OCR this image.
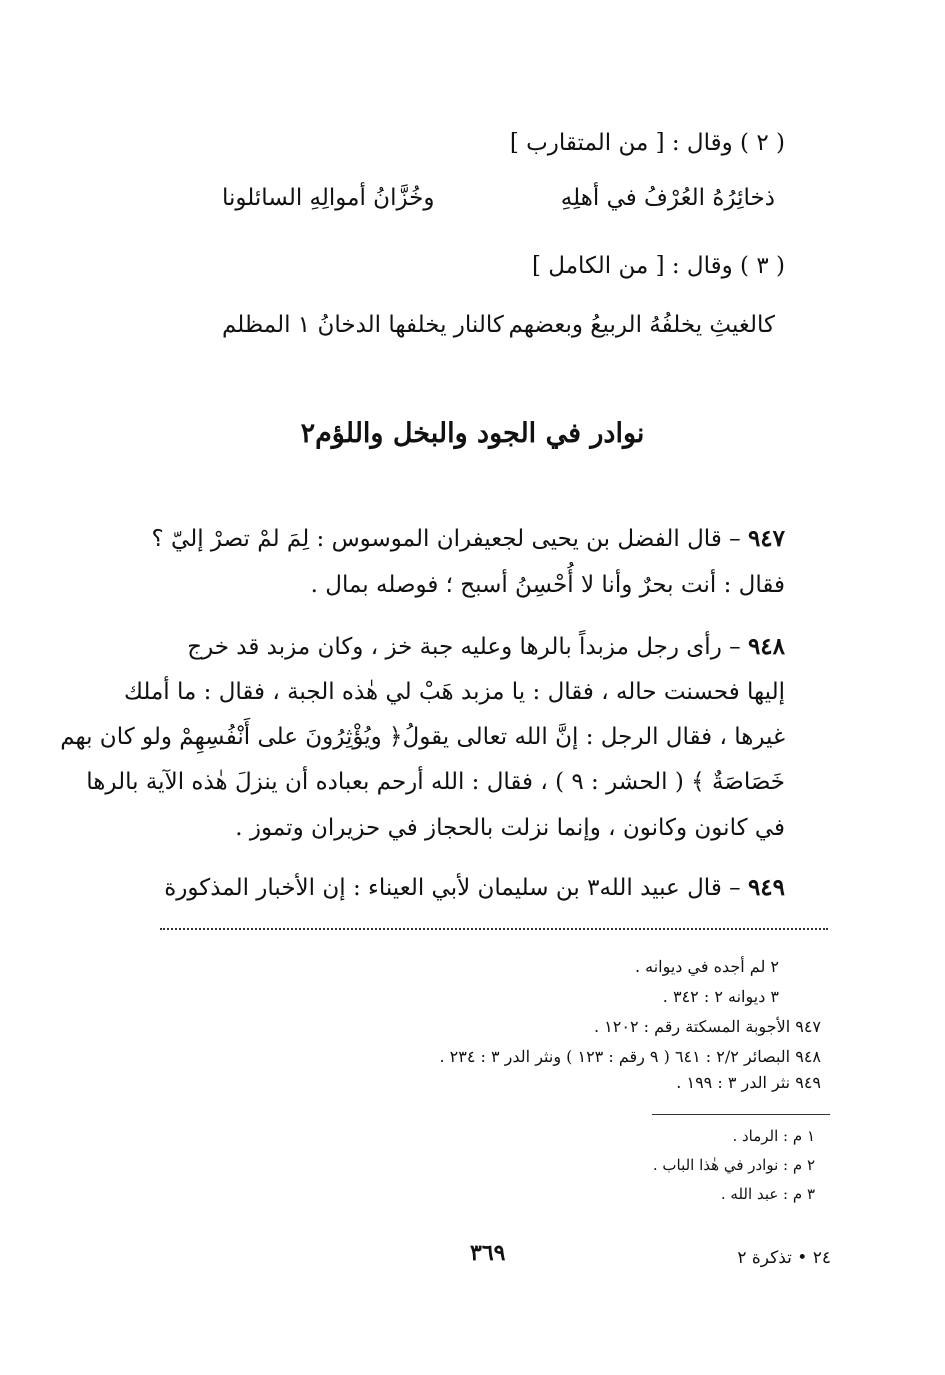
( ٢ ) وقال : [ من المتقارب ]
ذخائِرُهُ العُرْفُ في أهلِهِ
وخُزَّانُ أموالِهِ السائلونا
( ٣ ) وقال : [ من الكامل ]
كالغيثِ يخلفُهُ الربيعُ وبعضهم
كالنار يخلفها الدخانُ ١ المظلم
نوادر في الجود والبخل واللؤم٢
٩٤٧ – قال الفضل بن يحيى لجعيفران الموسوس : لِمَ لمْ تصرْ إليّ ؟
فقال : أنت بحرٌ وأنا لا أُحْسِنُ أسبح ؛ فوصله بمال .
٩٤٨ – رأى رجل مزبداً بالرها وعليه جبة خز ، وكان مزبد قد خرج
إليها فحسنت حاله ، فقال : يا مزبد هَبْ لي هٰذه الجبة ، فقال : ما أملك
غيرها ، فقال الرجل : إنَّ الله تعالى يقولُ﴿ ويُؤْثِرُونَ على أَنْفُسِهِمْ ولو كان بهم
خَصَاصَةٌ ﴾ ( الحشر : ٩ ) ، فقال : الله أرحم بعباده أن ينزلَ هٰذه الآية بالرها
في كانون وكانون ، وإنما نزلت بالحجاز في حزيران وتموز .
٩٤٩ – قال عبيد الله٣ بن سليمان لأبي العيناء : إن الأخبار المذكورة
٢ لم أجده في ديوانه .
٣ ديوانه ٢ : ٣٤٢ .
٩٤٧ الأجوبة المسكتة رقم : ١٢٠٢ .
٩٤٨ البصائر ٢/٢ : ٦٤١ ( ٩ رقم : ١٢٣ ) ونثر الدر ٣ : ٢٣٤ .
٩٤٩ نثر الدر ٣ : ١٩٩ .
١ م : الرماد .
٢ م : نوادر في هٰذا الباب .
٣ م : عبد الله .
٣٦٩	٢٤ • تذكرة ٢
